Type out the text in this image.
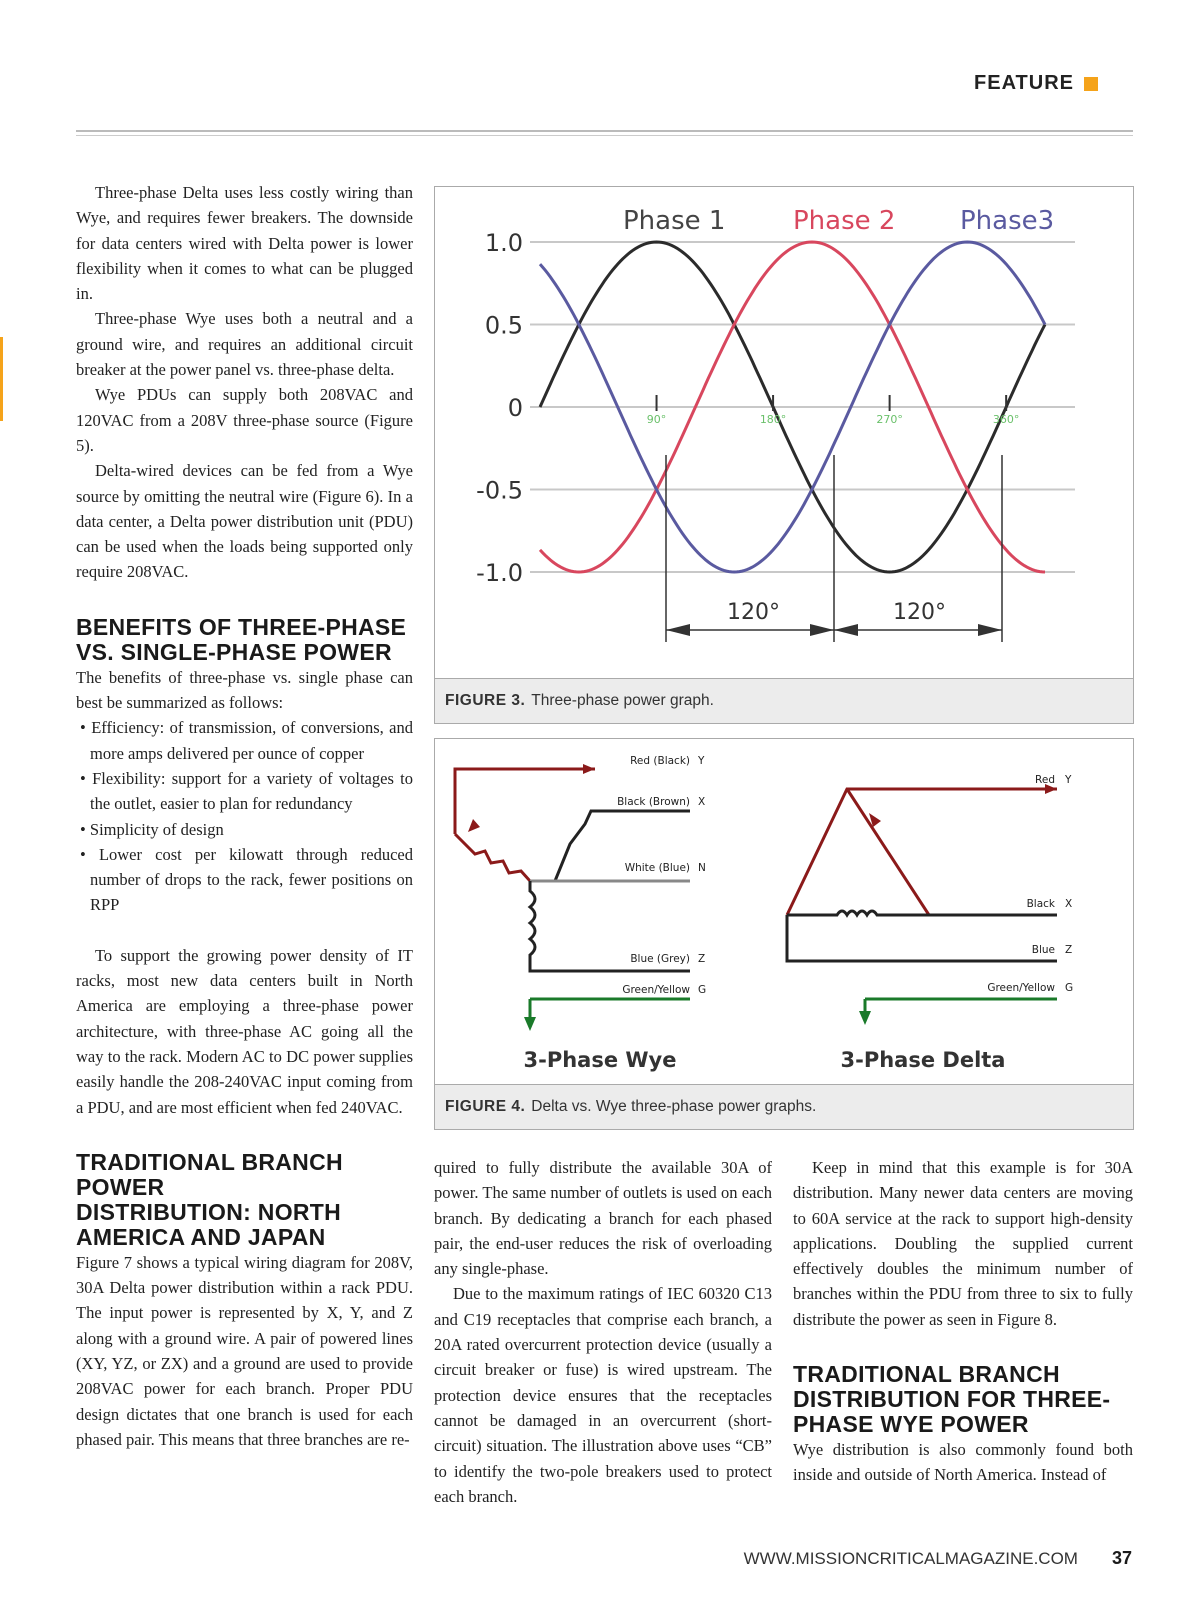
FEATURE

Three-phase Delta uses less costly wiring than Wye, and requires fewer breakers. The downside for data centers wired with Delta power is lower flexibility when it comes to what can be plugged in.

Three-phase Wye uses both a neutral and a ground wire, and requires an additional circuit breaker at the power panel vs. three-phase delta.

Wye PDUs can supply both 208VAC and 120VAC from a 208V three-phase source (Figure 5).

Delta-wired devices can be fed from a Wye source by omitting the neutral wire (Figure 6). In a data center, a Delta power distribution unit (PDU) can be used when the loads being supported only require 208VAC.

BENEFITS OF THREE-PHASE
VS. SINGLE-PHASE POWER

The benefits of three-phase vs. single phase can best be summarized as follows:

• Efficiency: of transmission, of conversions, and more amps delivered per ounce of copper
• Flexibility: support for a variety of voltages to the outlet, easier to plan for redundancy
• Simplicity of design
• Lower cost per kilowatt through reduced number of drops to the rack, fewer positions on RPP

To support the growing power density of IT racks, most new data centers built in North America are employing a three-phase power architecture, with three-phase AC going all the way to the rack. Modern AC to DC power supplies easily handle the 208-240VAC input coming from a PDU, and are most efficient when fed 240VAC.

TRADITIONAL BRANCH POWER
DISTRIBUTION: NORTH
AMERICA AND JAPAN

Figure 7 shows a typical wiring diagram for 208V, 30A Delta power distribution within a rack PDU. The input power is represented by X, Y, and Z along with a ground wire. A pair of powered lines (XY, YZ, or ZX) and a ground are used to provide 208VAC power for each branch. Proper PDU design dictates that one branch is used for each phased pair. This means that three branches are re-

1.0
0.5
0
-0.5
-1.0
Phase 1	Phase 2 Phase3
90°	180°	270°	360°
120°	120°
FIGURE 3. Three-phase power graph.
Red (Black) Y
Black (Brown) X
White (Blue) N
Blue (Grey) Z
Green/Yellow G
3-Phase Wye
Red Y
Black X
Blue Z
Green/Yellow G
3-Phase Delta
FIGURE 4. Delta vs. Wye three-phase power graphs.

quired to fully distribute the available 30A of power. The same number of outlets is used on each branch. By dedicating a branch for each phased pair, the end-user reduces the risk of overloading any single-phase.

Due to the maximum ratings of IEC 60320 C13 and C19 receptacles that comprise each branch, a 20A rated overcurrent protection device (usually a circuit breaker or fuse) is wired upstream. The protection device ensures that the receptacles cannot be damaged in an overcurrent (short-circuit) situation. The illustration above uses “CB” to identify the two-pole breakers used to protect each branch.

Keep in mind that this example is for 30A distribution. Many newer data centers are moving to 60A service at the rack to support high-density applications. Doubling the supplied current effectively doubles the minimum number of branches within the PDU from three to six to fully distribute the power as seen in Figure 8.

TRADITIONAL BRANCH
DISTRIBUTION FOR THREE-
PHASE WYE POWER

Wye distribution is also commonly found both inside and outside of North America. Instead of

WWW.MISSIONCRITICALMAGAZINE.COM 37
